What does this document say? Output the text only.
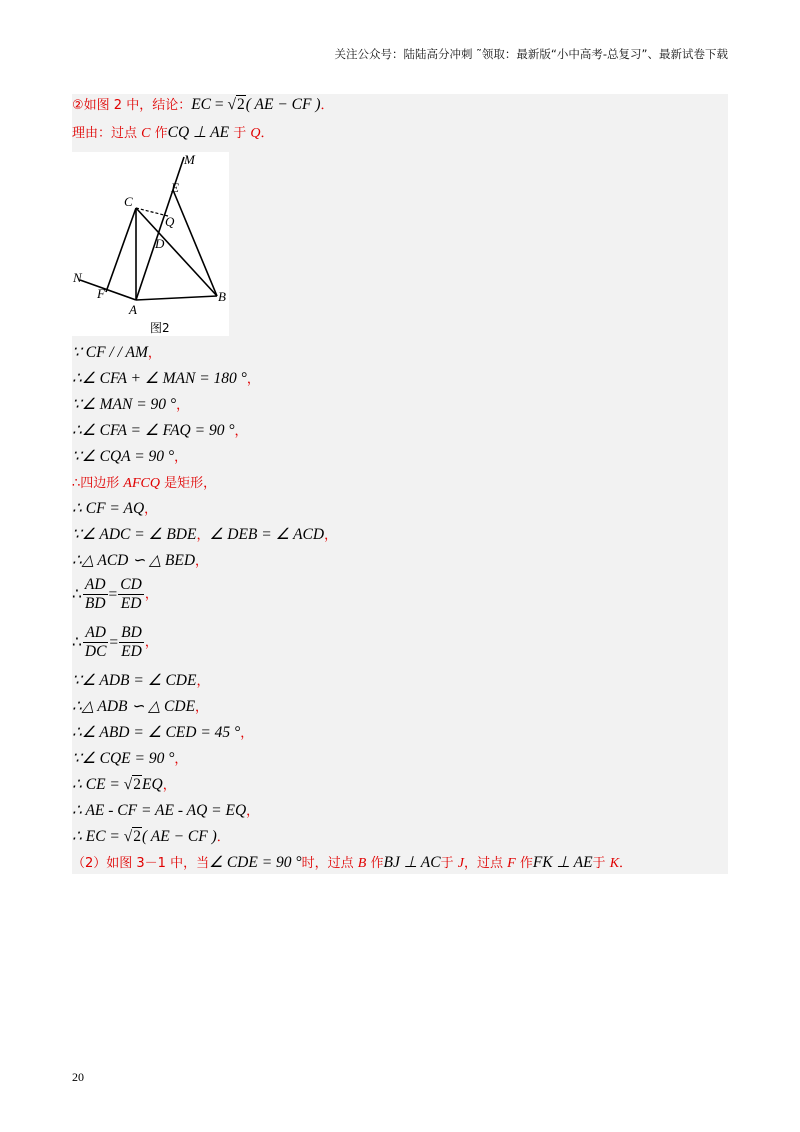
关注公众号：陆陆高分冲刺 ˜领取：最新版“小中高考-总复习”、最新试卷下载
②如图 2 中，结论：EC = √2( AE − CF )．
理由：过点 C 作CQ ⊥ AE 于 Q．
M
E
C
Q
D
N
F
A
B
图2
∵ CF / / AM，
∴∠ CFA + ∠ MAN = 180 °，
∵∠ MAN = 90 °，
∴∠ CFA = ∠ FAQ = 90 °，
∵∠ CQA = 90 °，
∴四边形 AFCQ 是矩形，
∴ CF = AQ，
∵∠ ADC = ∠ BDE，∠ DEB = ∠ ACD，
∴△ ACD ∽ △ BED，
∴ $\frac{AD}{BD} = \frac{CD}{ED}$ ，
∴ $\frac{AD}{DC} = \frac{BD}{ED}$ ，
∵∠ ADB = ∠ CDE，
∴△ ADB ∽ △ CDE，
∴∠ ABD = ∠ CED = 45 °，
∵∠ CQE = 90 °，
∴ CE = √2EQ，
∴ AE - CF = AE - AQ = EQ，
∴ EC = √2( AE − CF )．
（2）如图 3－1 中，当∠ CDE = 90 °时，过点 B 作BJ ⊥ AC于 J，过点 F 作FK ⊥ AE于 K．
20
